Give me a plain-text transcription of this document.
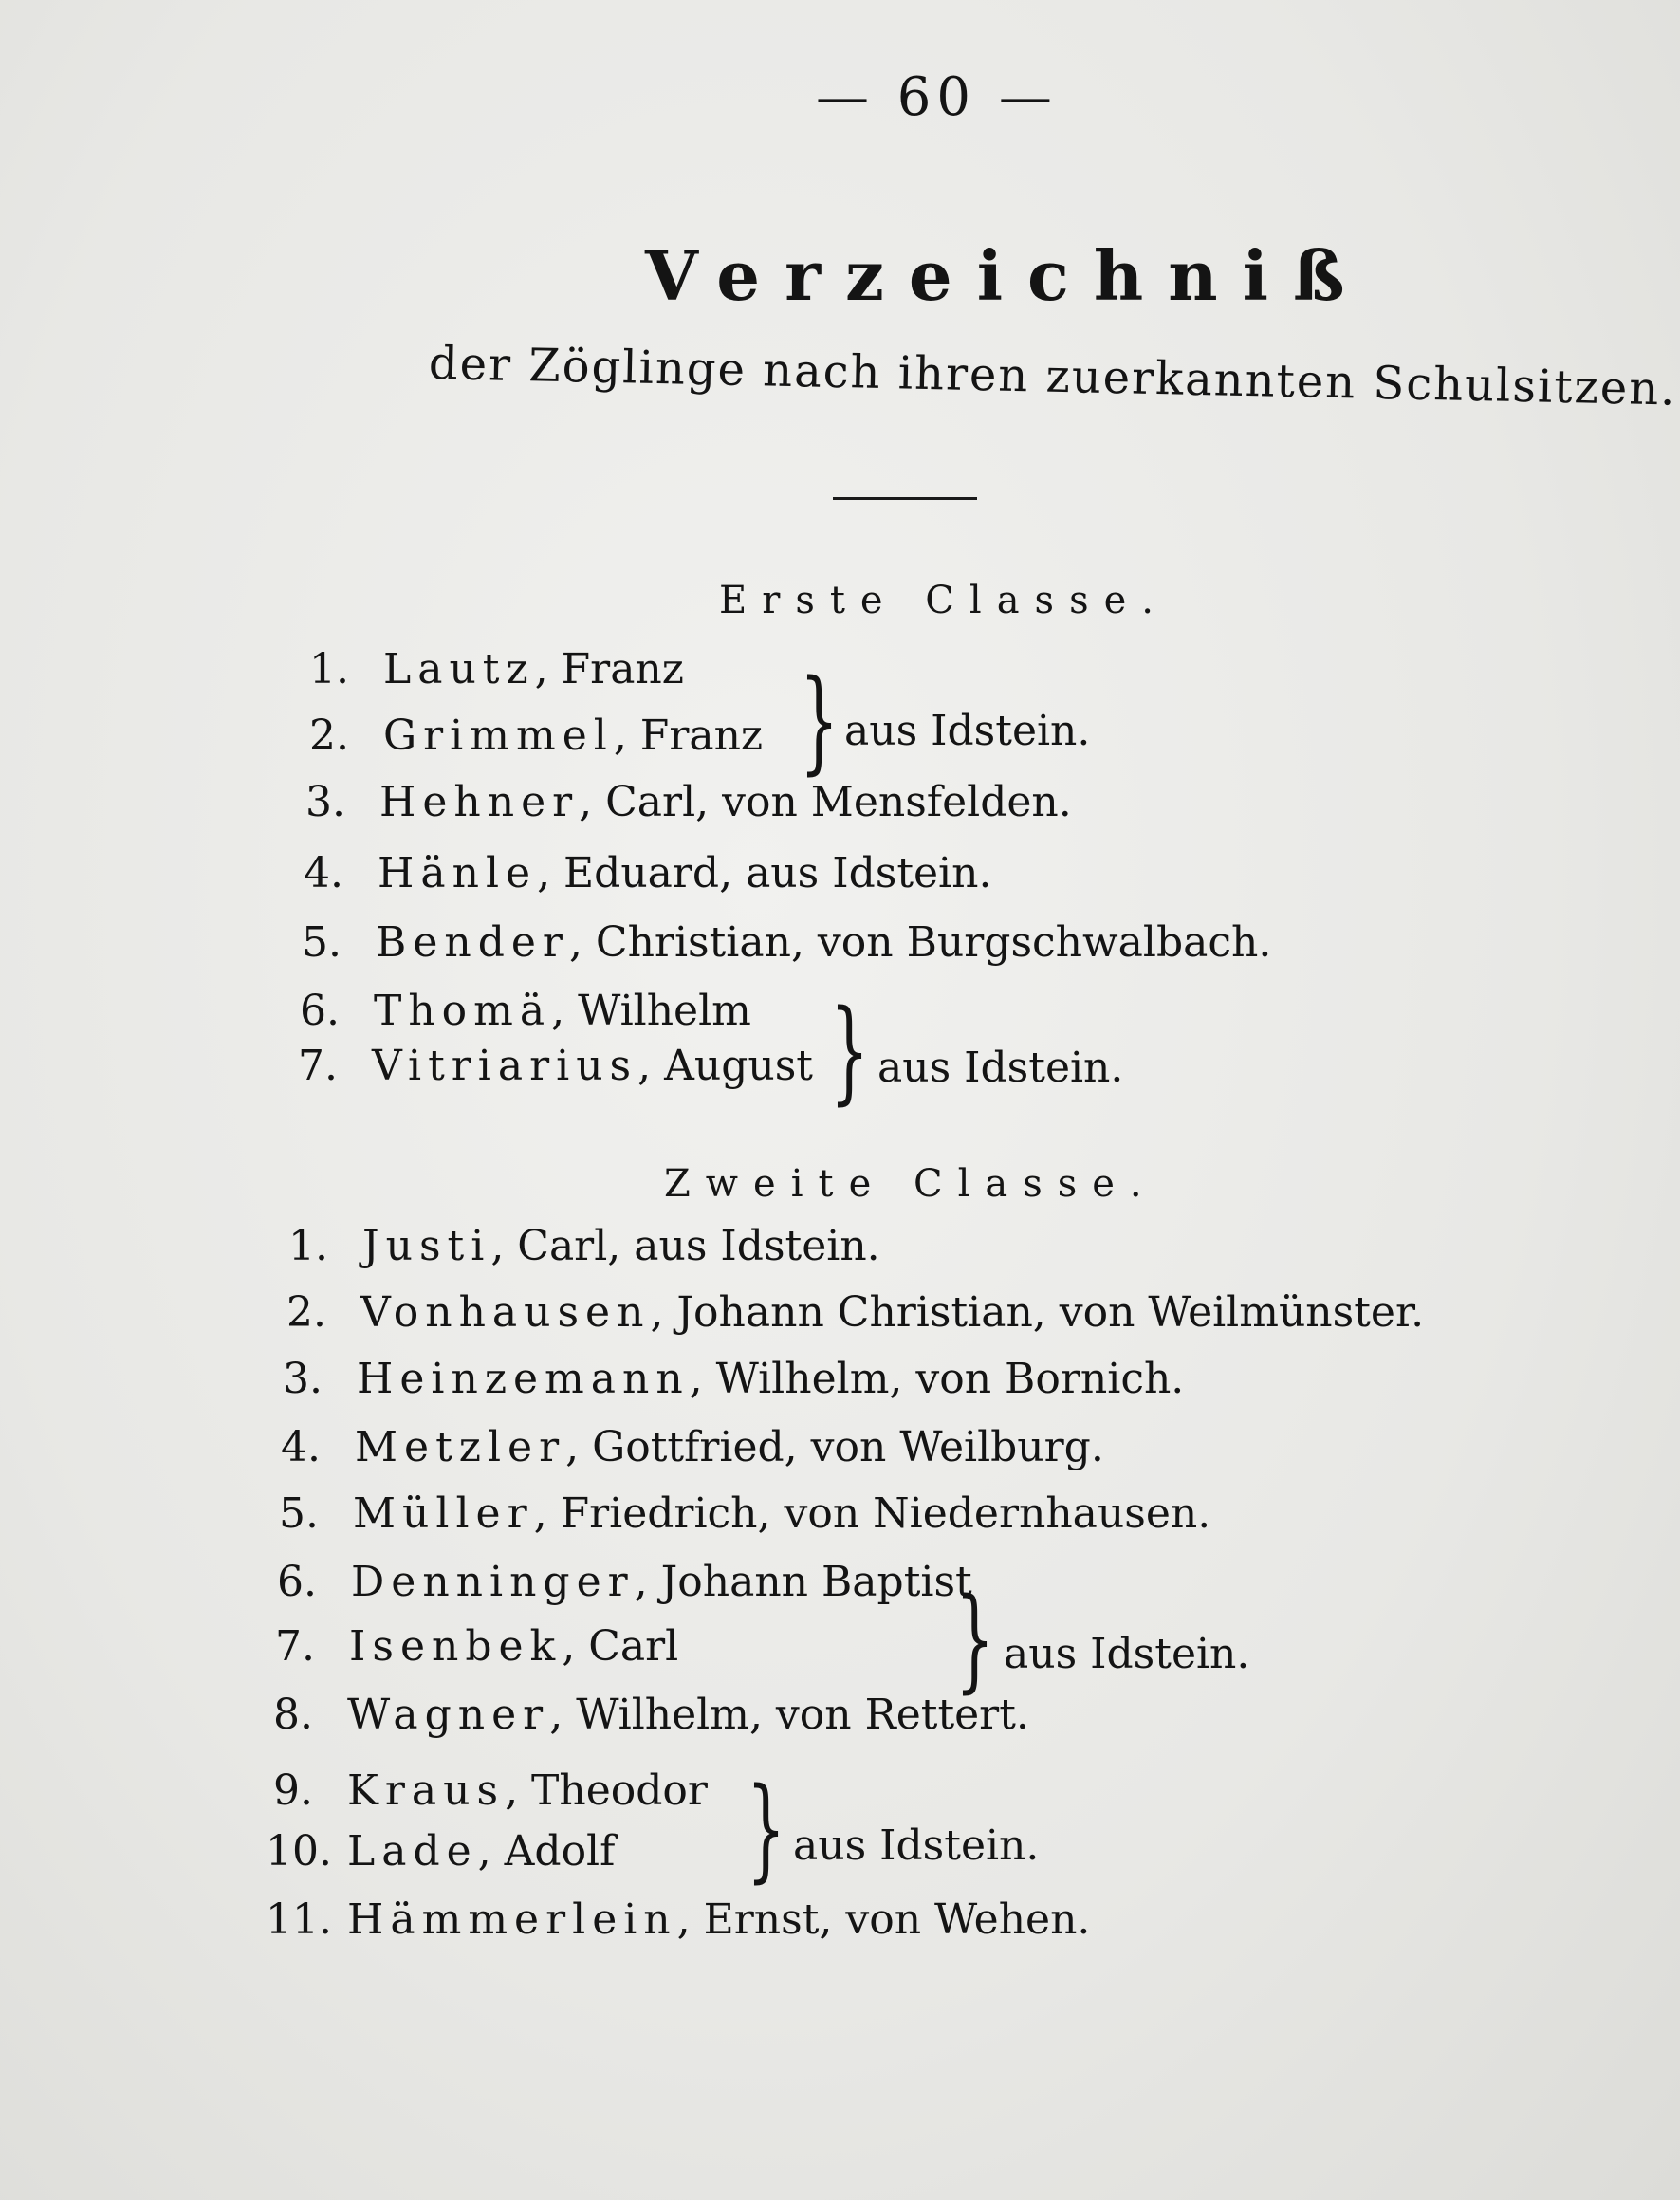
— 60 —
Verzeichniß
der Zöglinge nach ihren zuerkannten Schulsitzen.
Erste Classe.
1. Lautz, Franz
2. Grimmel, Franz } aus Idstein.
3. Hehner, Carl, von Mensfelden.
4. Hänle, Eduard, aus Idstein.
5. Bender, Christian, von Burgschwalbach.
6. Thomä, Wilhelm
7. Vitriarius, August } aus Idstein.
Zweite Classe.
1. Justi, Carl, aus Idstein.
2. Vonhausen, Johann Christian, von Weilmünster.
3. Heinzemann, Wilhelm, von Bornich.
4. Metzler, Gottfried, von Weilburg.
5. Müller, Friedrich, von Niedernhausen.
6. Denninger, Johann Baptist
7. Isenbek, Carl } aus Idstein.
8. Wagner, Wilhelm, von Rettert.
9. Kraus, Theodor
10. Lade, Adolf } aus Idstein.
11. Hämmerlein, Ernst, von Wehen.
